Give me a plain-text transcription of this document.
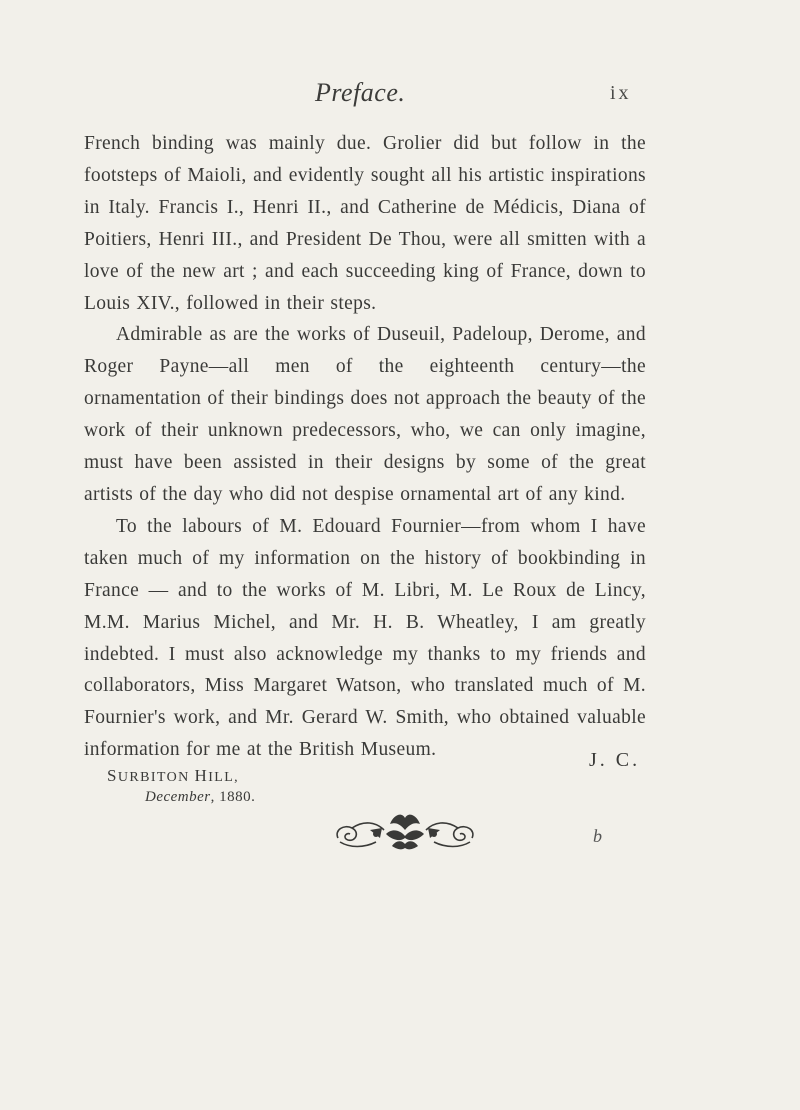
Preface.	ix

French binding was mainly due. Grolier did but follow in the footsteps of Maioli, and evidently sought all his artistic inspirations in Italy. Francis I., Henri II., and Catherine de Médicis, Diana of Poitiers, Henri III., and President De Thou, were all smitten with a love of the new art ; and each succeeding king of France, down to Louis XIV., followed in their steps.

Admirable as are the works of Duseuil, Padeloup, Derome, and Roger Payne—all men of the eighteenth century—the ornamentation of their bindings does not approach the beauty of the work of their unknown predecessors, who, we can only imagine, must have been assisted in their designs by some of the great artists of the day who did not despise ornamental art of any kind.

To the labours of M. Edouard Fournier—from whom I have taken much of my information on the history of bookbinding in France — and to the works of M. Libri, M. Le Roux de Lincy, M.M. Marius Michel, and Mr. H. B. Wheatley, I am greatly indebted. I must also acknowledge my thanks to my friends and collaborators, Miss Margaret Watson, who translated much of M. Fournier's work, and Mr. Gerard W. Smith, who obtained valuable information for me at the British Museum.	J. C.
SURBITON HILL,
December, 1880.
b
